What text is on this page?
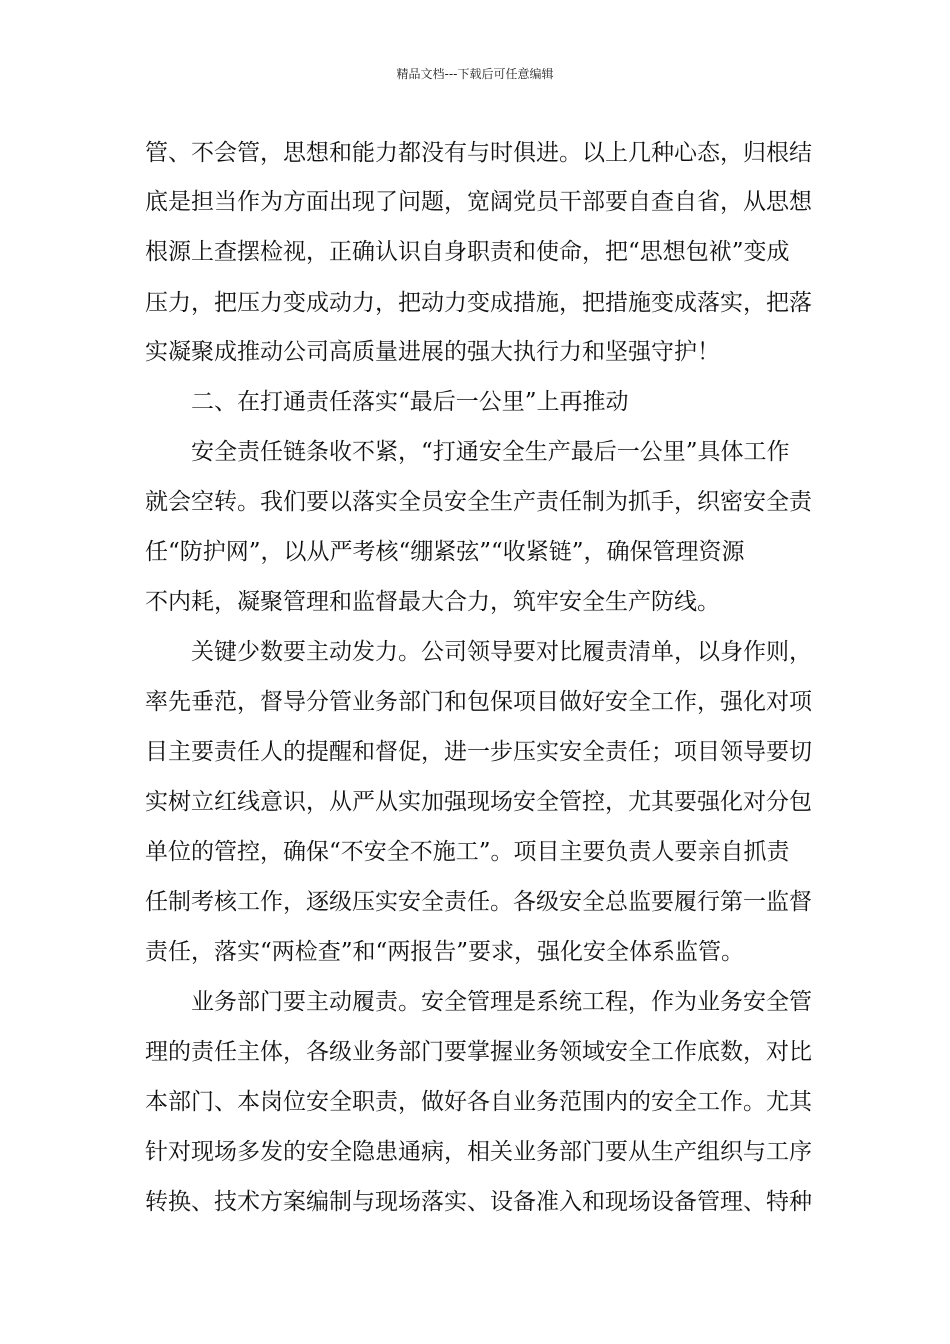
精品文档---下载后可任意编辑
管、不会管，思想和能力都没有与时俱进。以上几种心态，归根结
底是担当作为方面出现了问题，宽阔党员干部要自查自省，从思想
根源上查摆检视，正确认识自身职责和使命，把“思想包袱”变成
压力，把压力变成动力，把动力变成措施，把措施变成落实，把落
实凝聚成推动公司高质量进展的强大执行力和坚强守护！
二、在打通责任落实“最后一公里”上再推动
安全责任链条收不紧，“打通安全生产最后一公里”具体工作
就会空转。我们要以落实全员安全生产责任制为抓手，织密安全责
任“防护网”，以从严考核“绷紧弦”“收紧链”，确保管理资源
不内耗，凝聚管理和监督最大合力，筑牢安全生产防线。
关键少数要主动发力。公司领导要对比履责清单，以身作则，
率先垂范，督导分管业务部门和包保项目做好安全工作，强化对项
目主要责任人的提醒和督促，进一步压实安全责任；项目领导要切
实树立红线意识，从严从实加强现场安全管控，尤其要强化对分包
单位的管控，确保“不安全不施工”。项目主要负责人要亲自抓责
任制考核工作，逐级压实安全责任。各级安全总监要履行第一监督
责任，落实“两检查”和“两报告”要求，强化安全体系监管。
业务部门要主动履责。安全管理是系统工程，作为业务安全管
理的责任主体，各级业务部门要掌握业务领域安全工作底数，对比
本部门、本岗位安全职责，做好各自业务范围内的安全工作。尤其
针对现场多发的安全隐患通病，相关业务部门要从生产组织与工序
转换、技术方案编制与现场落实、设备准入和现场设备管理、特种
